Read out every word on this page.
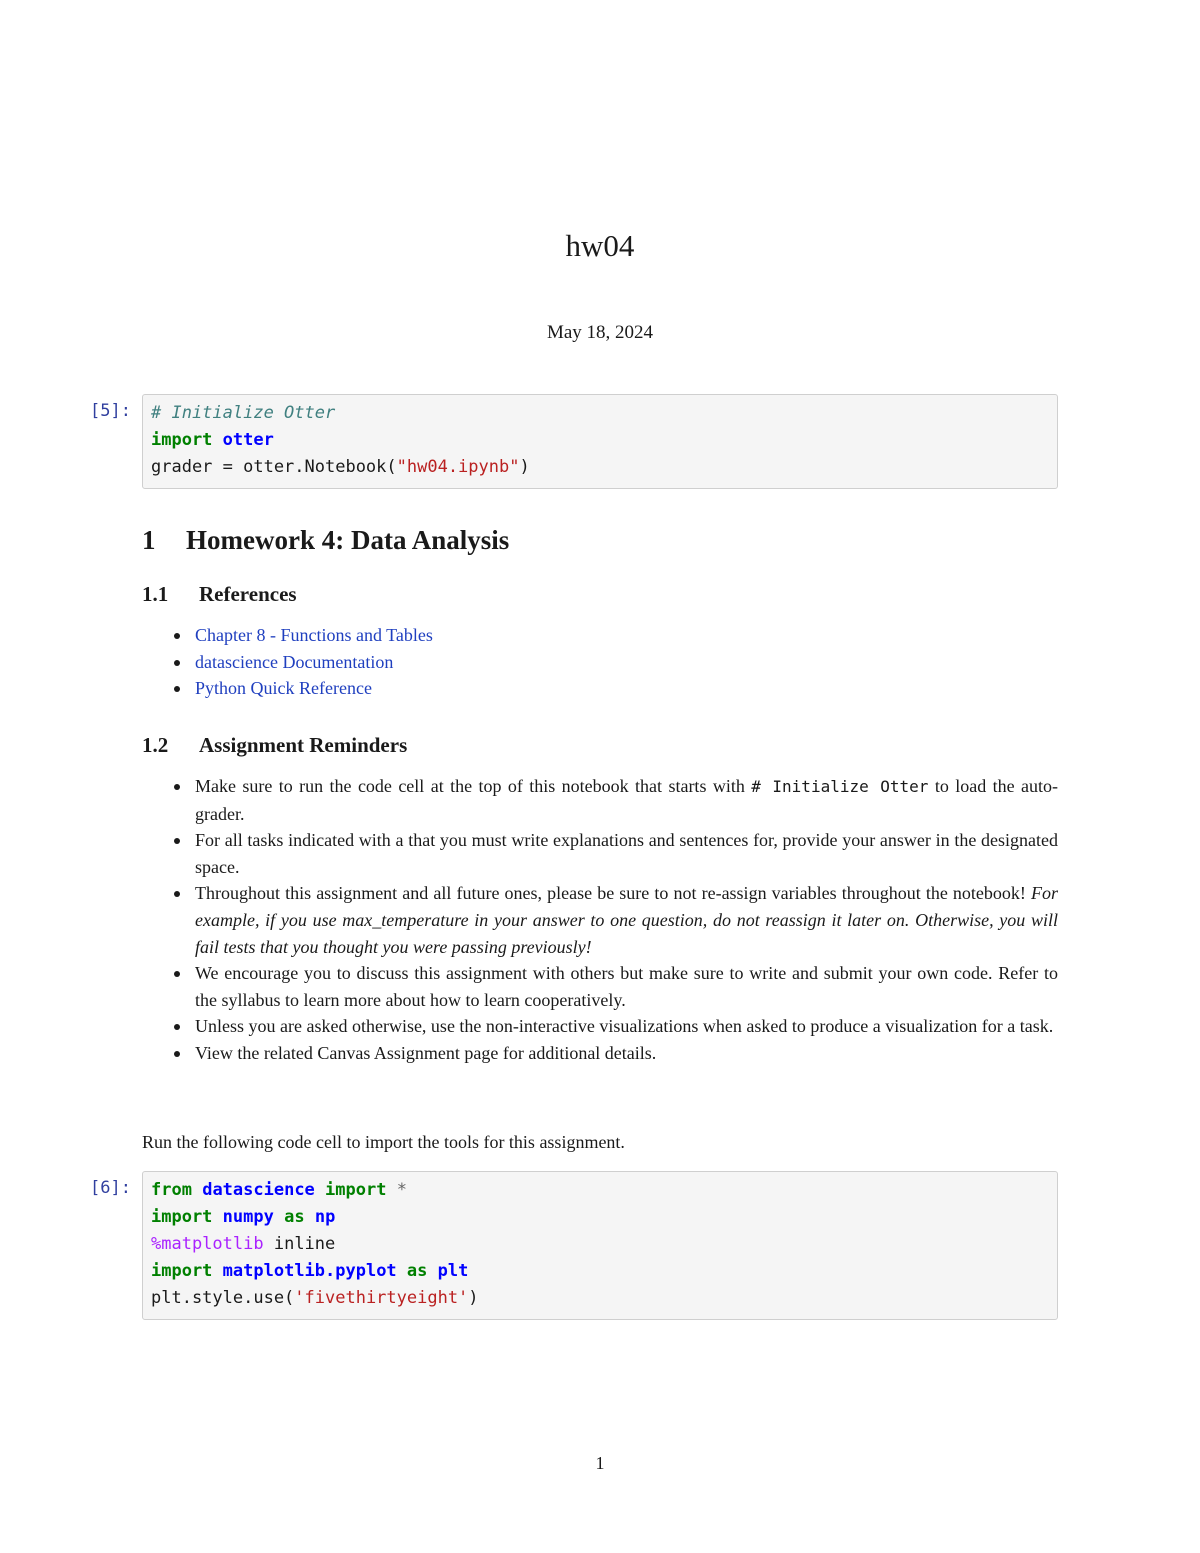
hw04
May 18, 2024
[5]: # Initialize Otter
import otter
grader = otter.Notebook("hw04.ipynb")
1 Homework 4: Data Analysis
1.1 References
Chapter 8 - Functions and Tables
datascience Documentation
Python Quick Reference
1.2 Assignment Reminders
Make sure to run the code cell at the top of this notebook that starts with # Initialize Otter to load the auto-grader.
For all tasks indicated with a that you must write explanations and sentences for, provide your answer in the designated space.
Throughout this assignment and all future ones, please be sure to not re-assign variables throughout the notebook! For example, if you use max_temperature in your answer to one question, do not reassign it later on. Otherwise, you will fail tests that you thought you were passing previously!
We encourage you to discuss this assignment with others but make sure to write and submit your own code. Refer to the syllabus to learn more about how to learn cooperatively.
Unless you are asked otherwise, use the non-interactive visualizations when asked to produce a visualization for a task.
View the related Canvas Assignment page for additional details.
Run the following code cell to import the tools for this assignment.
[6]: from datascience import *
import numpy as np
%matplotlib inline
import matplotlib.pyplot as plt
plt.style.use('fivethirtyeight')
1
